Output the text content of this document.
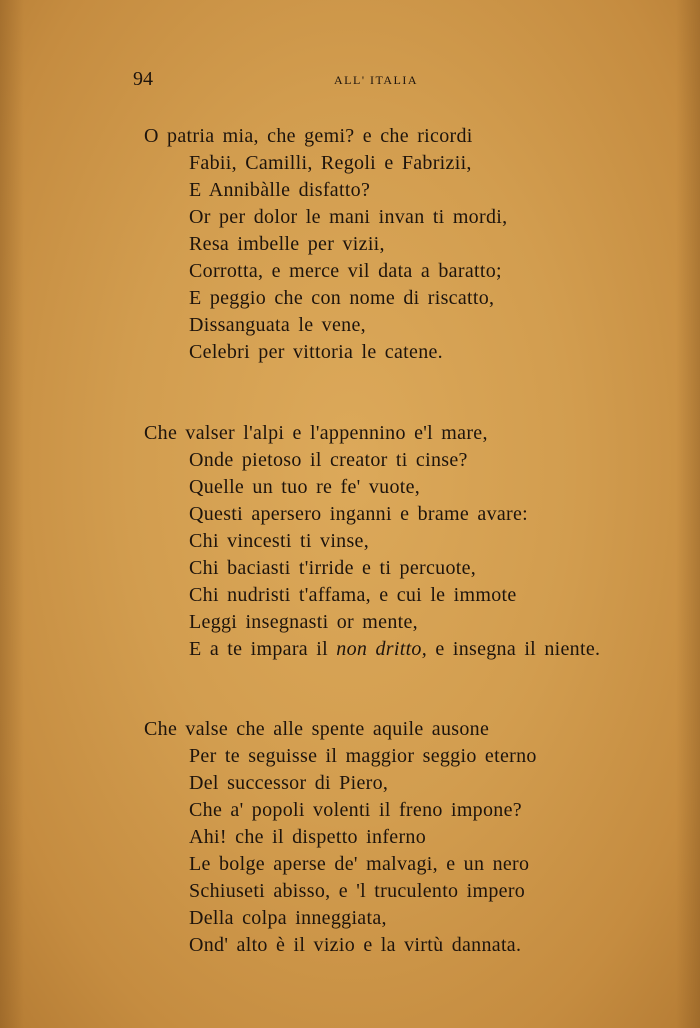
94	ALL' ITALIA
O patria mia, che gemi? e che ricordi
Fabii, Camilli, Regoli e Fabrizii,
E Annibàlle disfatto?
Or per dolor le mani invan ti mordi,
Resa imbelle per vizii,
Corrotta, e merce vil data a baratto;
E peggio che con nome di riscatto,
Dissanguata le vene,
Celebri per vittoria le catene.
Che valser l'alpi e l'appennino e'l mare,
Onde pietoso il creator ti cinse?
Quelle un tuo re fe' vuote,
Questi apersero inganni e brame avare:
Chi vincesti ti vinse,
Chi baciasti t'irride e ti percuote,
Chi nudristi t'affama, e cui le immote
Leggi insegnasti or mente,
E a te impara il non dritto, e insegna il niente.
Che valse che alle spente aquile ausone
Per te seguisse il maggior seggio eterno
Del successor di Piero,
Che a' popoli volenti il freno impone?
Ahi! che il dispetto inferno
Le bolge aperse de' malvagi, e un nero
Schiuseti abisso, e 'l truculento impero
Della colpa inneggiata,
Ond' alto è il vizio e la virtù dannata.
